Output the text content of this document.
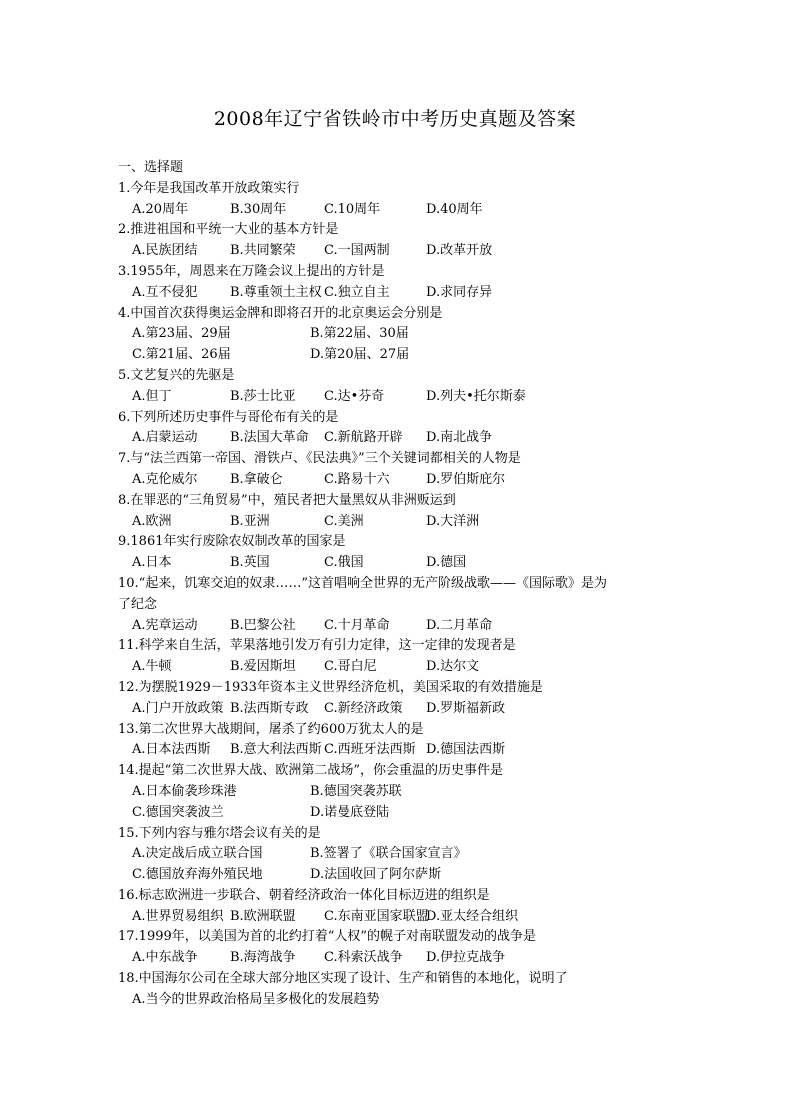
2008年辽宁省铁岭市中考历史真题及答案
一、选择题
1.今年是我国改革开放政策实行
A.20周年	B.30周年	C.10周年	D.40周年
2.推进祖国和平统一大业的基本方针是
A.民族团结	B.共同繁荣	C.一国两制	D.改革开放
3.1955年，周恩来在万隆会议上提出的方针是
A.互不侵犯	B.尊重领土主权 C.独立自主	D.求同存异
4.中国首次获得奥运金牌和即将召开的北京奥运会分别是
A.第23届、29届	B.第22届、30届
C.第21届、26届	D.第20届、27届
5.文艺复兴的先驱是
A.但丁	B.莎士比亚	C.达•芬奇	D.列夫•托尔斯泰
6.下列所述历史事件与哥伦布有关的是
A.启蒙运动	B.法国大革命	C.新航路开辟	D.南北战争
7.与“法兰西第一帝国、滑铁卢、《民法典》”三个关键词都相关的人物是
A.克伦威尔	B.拿破仑	C.路易十六	D.罗伯斯庇尔
8.在罪恶的“三角贸易”中，殖民者把大量黑奴从非洲贩运到
A.欧洲	B.亚洲	C.美洲	D.大洋洲
9.1861年实行废除农奴制改革的国家是
A.日本	B.英国	C.俄国	D.德国
10.“起来，饥寒交迫的奴隶……”这首唱响全世界的无产阶级战歌——《国际歌》是为
了纪念
A.宪章运动	B.巴黎公社	C.十月革命	D.二月革命
11.科学来自生活，苹果落地引发万有引力定律，这一定律的发现者是
A.牛顿	B.爱因斯坦	C.哥白尼	D.达尔文
12.为摆脱1929－1933年资本主义世界经济危机，美国采取的有效措施是
A.门户开放政策 B.法西斯专政	C.新经济政策	D.罗斯福新政
13.第二次世界大战期间，屠杀了约600万犹太人的是
A.日本法西斯	B.意大利法西斯 C.西班牙法西斯 D.德国法西斯
14.提起“第二次世界大战、欧洲第二战场”，你会重温的历史事件是
A.日本偷袭珍珠港	B.德国突袭苏联
C.德国突袭波兰	D.诺曼底登陆
15.下列内容与雅尔塔会议有关的是
A.决定战后成立联合国	B.签署了《联合国家宣言》
C.德国放弃海外殖民地	D.法国收回了阿尔萨斯
16.标志欧洲进一步联合、朝着经济政治一体化目标迈进的组织是
A.世界贸易组织 B.欧洲联盟	C.东南亚国家联盟
D.亚太经合组织
17.1999年，以美国为首的北约打着“人权”的幌子对南联盟发动的战争是
A.中东战争	B.海湾战争	C.科索沃战争	D.伊拉克战争
18.中国海尔公司在全球大部分地区实现了设计、生产和销售的本地化，说明了
A.当今的世界政治格局呈多极化的发展趋势
